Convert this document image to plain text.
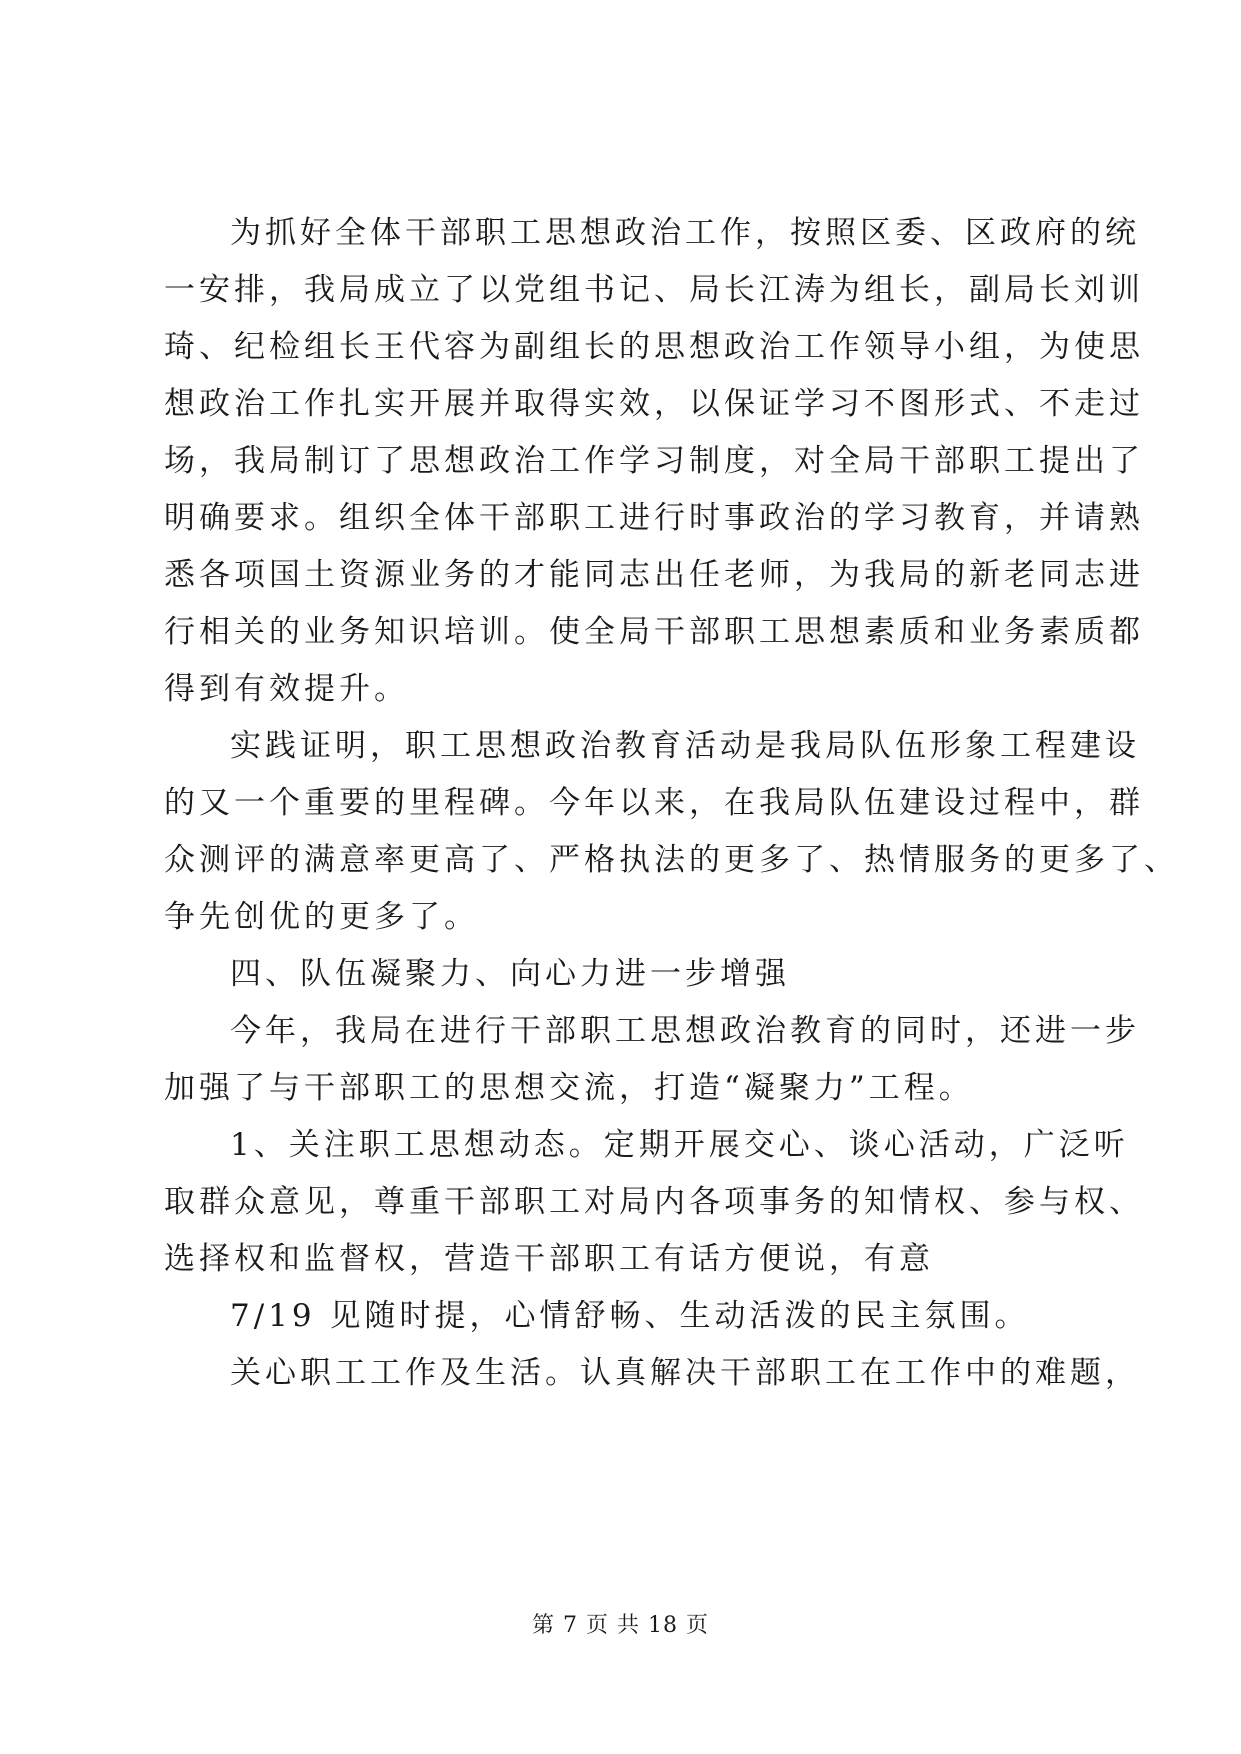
为抓好全体干部职工思想政治工作，按照区委、区政府的统
一安排，我局成立了以党组书记、局长江涛为组长，副局长刘训
琦、纪检组长王代容为副组长的思想政治工作领导小组，为使思
想政治工作扎实开展并取得实效，以保证学习不图形式、不走过
场，我局制订了思想政治工作学习制度，对全局干部职工提出了
明确要求。组织全体干部职工进行时事政治的学习教育，并请熟
悉各项国土资源业务的才能同志出任老师，为我局的新老同志进
行相关的业务知识培训。使全局干部职工思想素质和业务素质都
得到有效提升。
实践证明，职工思想政治教育活动是我局队伍形象工程建设
的又一个重要的里程碑。今年以来，在我局队伍建设过程中，群
众测评的满意率更高了、严格执法的更多了、热情服务的更多了、
争先创优的更多了。
四、队伍凝聚力、向心力进一步增强
今年，我局在进行干部职工思想政治教育的同时，还进一步
加强了与干部职工的思想交流，打造“凝聚力”工程。
1、关注职工思想动态。定期开展交心、谈心活动，广泛听
取群众意见，尊重干部职工对局内各项事务的知情权、参与权、
选择权和监督权，营造干部职工有话方便说，有意
7/19 见随时提，心情舒畅、生动活泼的民主氛围。
关心职工工作及生活。认真解决干部职工在工作中的难题，
第 7 页 共 18 页
